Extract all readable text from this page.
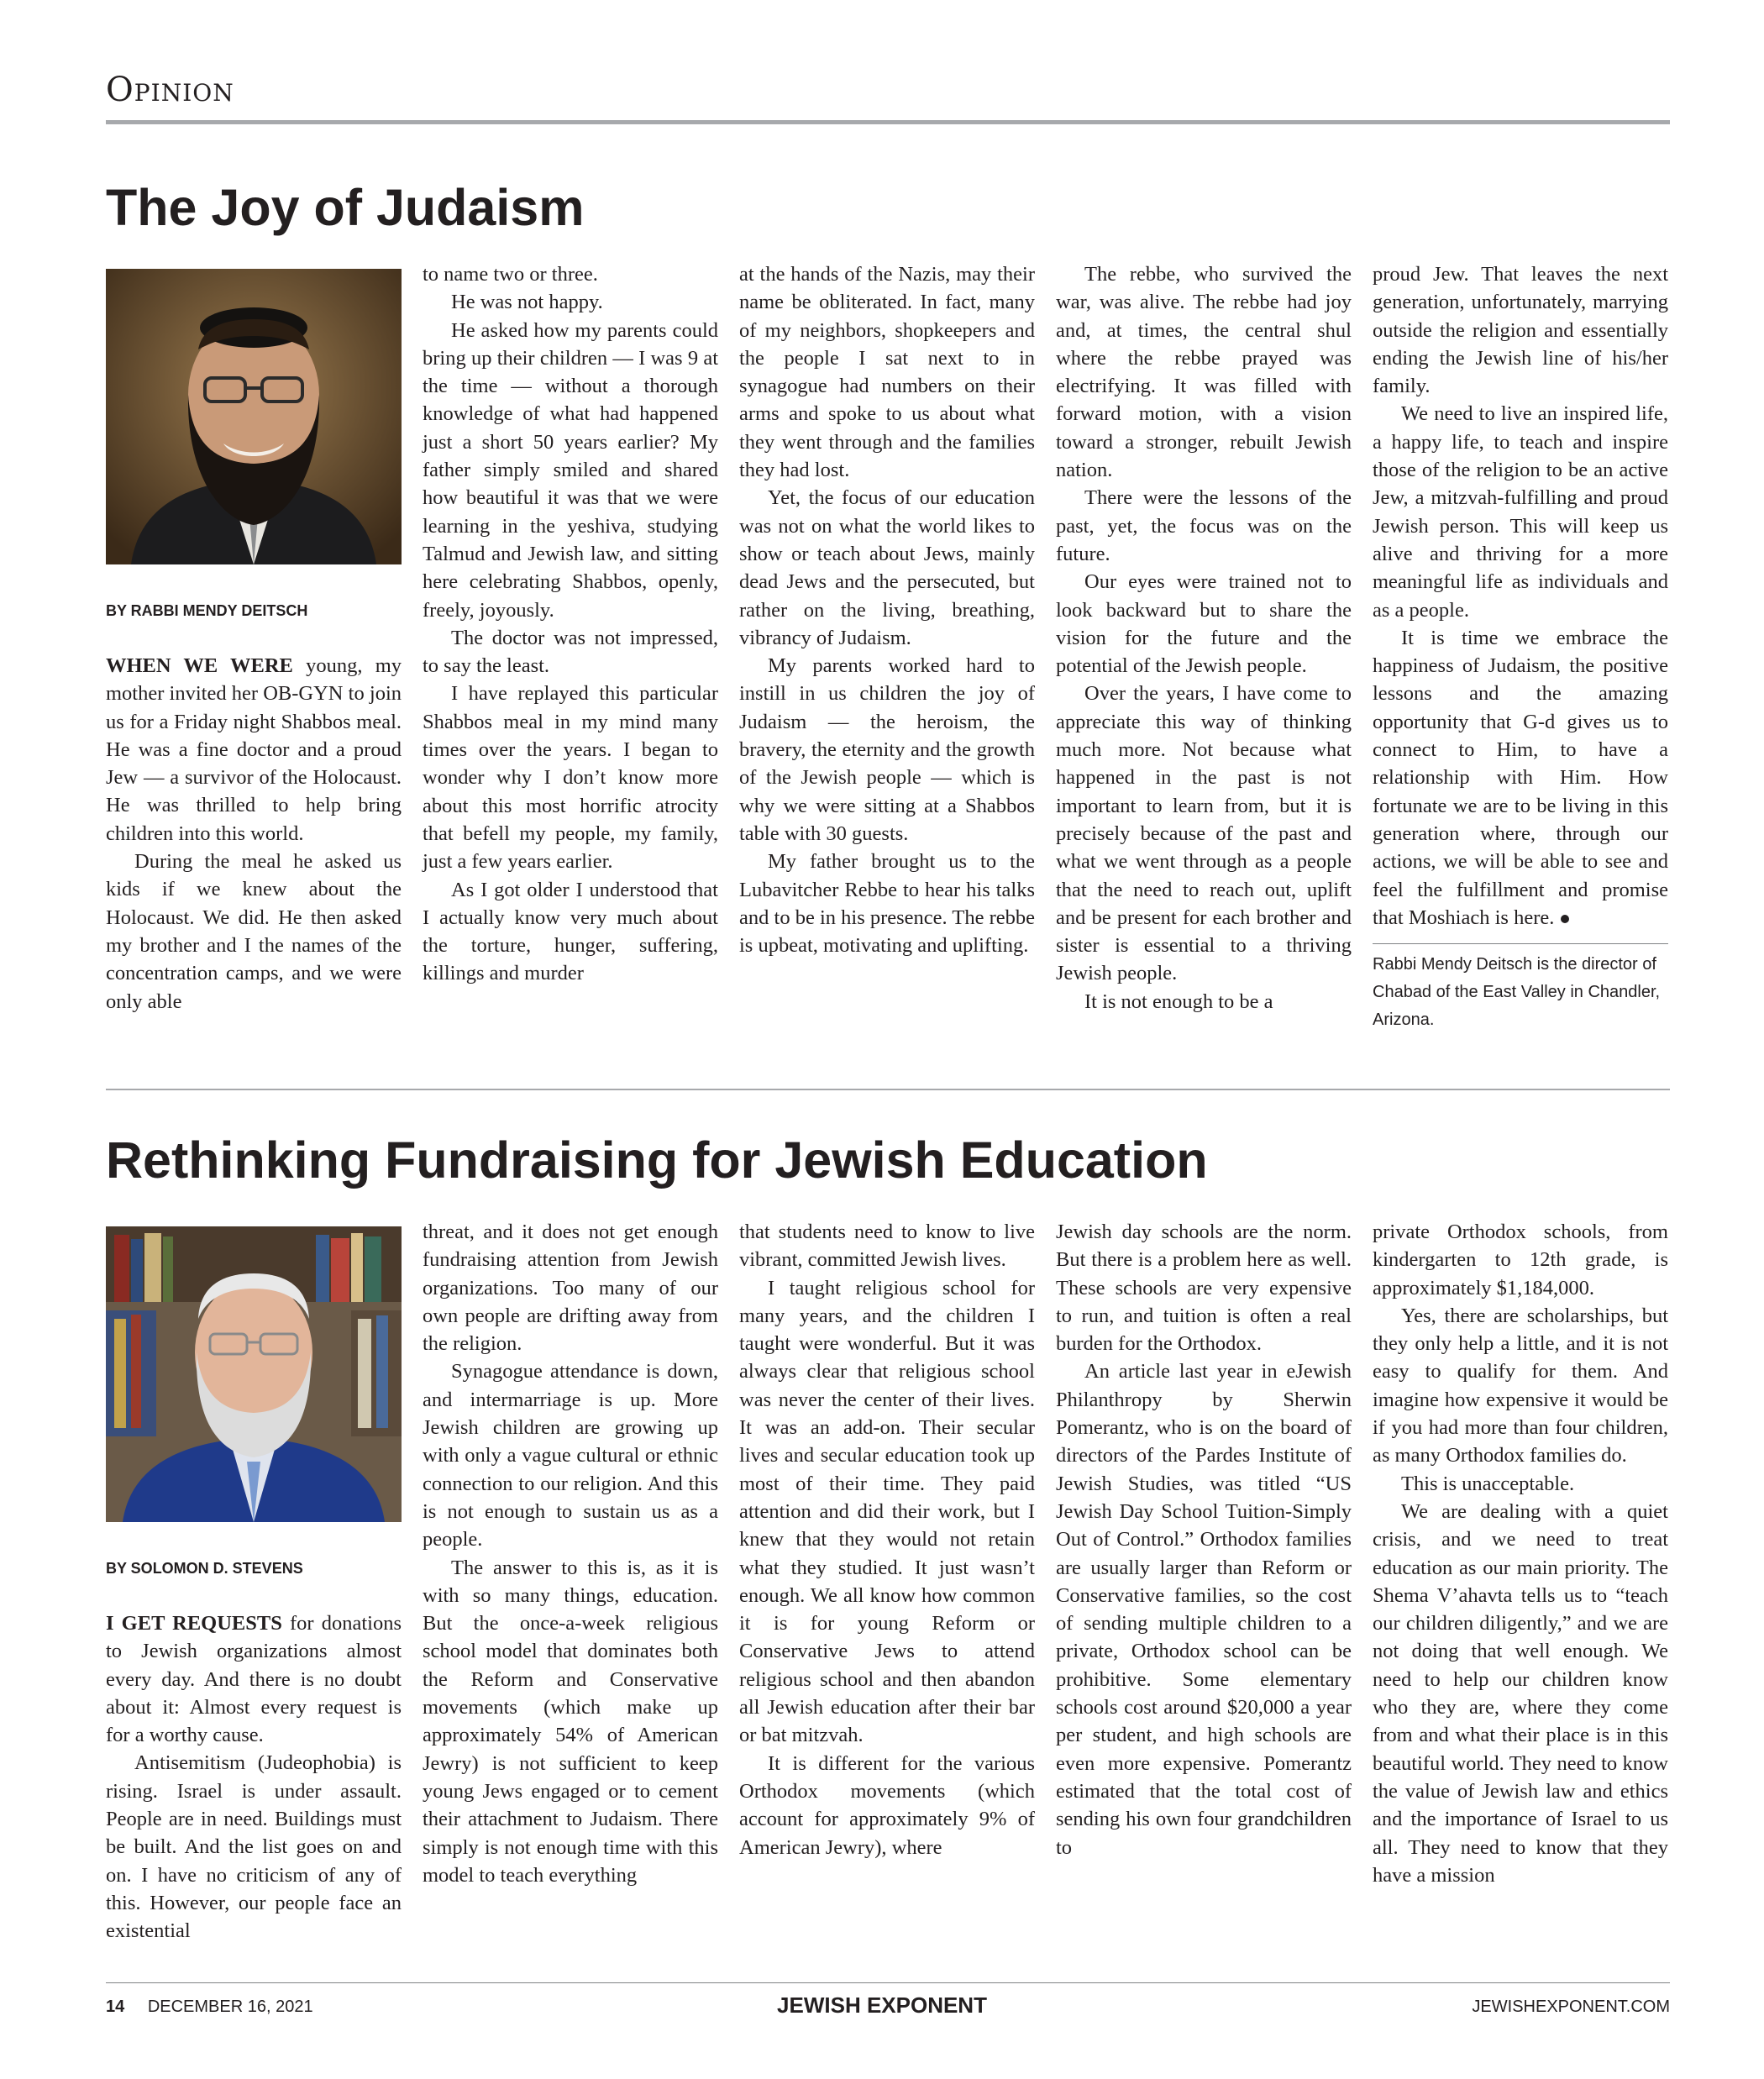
Opinion
The Joy of Judaism
BY RABBI MENDY DEITSCH

WHEN WE WERE young, my mother invited her OB-GYN to join us for a Friday night Shabbos meal. He was a fine doctor and a proud Jew — a survivor of the Holocaust. He was thrilled to help bring children into this world.

During the meal he asked us kids if we knew about the Holocaust. We did. He then asked my brother and I the names of the concentration camps, and we were only able

to name two or three.

He was not happy.

He asked how my parents could bring up their children — I was 9 at the time — without a thorough knowledge of what had happened just a short 50 years earlier? My father simply smiled and shared how beautiful it was that we were learning in the yeshiva, studying Talmud and Jewish law, and sitting here celebrating Shabbos, openly, freely, joyously.

The doctor was not impressed, to say the least.

I have replayed this particular Shabbos meal in my mind many times over the years. I began to wonder why I don’t know more about this most horrific atrocity that befell my people, my family, just a few years earlier.

As I got older I understood that I actually know very much about the torture, hunger, suffering, killings and murder

at the hands of the Nazis, may their name be obliterated. In fact, many of my neighbors, shopkeepers and the people I sat next to in synagogue had numbers on their arms and spoke to us about what they went through and the families they had lost.

Yet, the focus of our education was not on what the world likes to show or teach about Jews, mainly dead Jews and the persecuted, but rather on the living, breathing, vibrancy of Judaism.

My parents worked hard to instill in us children the joy of Judaism — the heroism, the bravery, the eternity and the growth of the Jewish people — which is why we were sitting at a Shabbos table with 30 guests.

My father brought us to the Lubavitcher Rebbe to hear his talks and to be in his presence. The rebbe is upbeat, motivating and uplifting.

The rebbe, who survived the war, was alive. The rebbe had joy and, at times, the central shul where the rebbe prayed was electrifying. It was filled with forward motion, with a vision toward a stronger, rebuilt Jewish nation.

There were the lessons of the past, yet, the focus was on the future.

Our eyes were trained not to look backward but to share the vision for the future and the potential of the Jewish people.

Over the years, I have come to appreciate this way of thinking much more. Not because what happened in the past is not important to learn from, but it is precisely because of the past and what we went through as a people that the need to reach out, uplift and be present for each brother and sister is essential to a thriving Jewish people.

It is not enough to be a

proud Jew. That leaves the next generation, unfortunately, marrying outside the religion and essentially ending the Jewish line of his/her family.

We need to live an inspired life, a happy life, to teach and inspire those of the religion to be an active Jew, a mitzvah-fulfilling and proud Jewish person. This will keep us alive and thriving for a more meaningful life as individuals and as a people.

It is time we embrace the happiness of Judaism, the positive lessons and the amazing opportunity that G-d gives us to connect to Him, to have a relationship with Him. How fortunate we are to be living in this generation where, through our actions, we will be able to see and feel the fulfillment and promise that Moshiach is here.

Rabbi Mendy Deitsch is the director of Chabad of the East Valley in Chandler, Arizona.
Rethinking Fundraising for Jewish Education
BY SOLOMON D. STEVENS

I GET REQUESTS for donations to Jewish organizations almost every day. And there is no doubt about it: Almost every request is for a worthy cause.

Antisemitism (Judeophobia) is rising. Israel is under assault. People are in need. Buildings must be built. And the list goes on and on. I have no criticism of any of this. However, our people face an existential

threat, and it does not get enough fundraising attention from Jewish organizations. Too many of our own people are drifting away from the religion.

Synagogue attendance is down, and intermarriage is up. More Jewish children are growing up with only a vague cultural or ethnic connection to our religion. And this is not enough to sustain us as a people.

The answer to this is, as it is with so many things, education. But the once-a-week religious school model that dominates both the Reform and Conservative movements (which make up approximately 54% of American Jewry) is not sufficient to keep young Jews engaged or to cement their attachment to Judaism. There simply is not enough time with this model to teach everything

that students need to know to live vibrant, committed Jewish lives.

I taught religious school for many years, and the children I taught were wonderful. But it was always clear that religious school was never the center of their lives. It was an add-on. Their secular lives and secular education took up most of their time. They paid attention and did their work, but I knew that they would not retain what they studied. It just wasn’t enough. We all know how common it is for young Reform or Conservative Jews to attend religious school and then abandon all Jewish education after their bar or bat mitzvah.

It is different for the various Orthodox movements (which account for approximately 9% of American Jewry), where

Jewish day schools are the norm. But there is a problem here as well. These schools are very expensive to run, and tuition is often a real burden for the Orthodox.

An article last year in eJewish Philanthropy by Sherwin Pomerantz, who is on the board of directors of the Pardes Institute of Jewish Studies, was titled “US Jewish Day School Tuition-Simply Out of Control.” Orthodox families are usually larger than Reform or Conservative families, so the cost of sending multiple children to a private, Orthodox school can be prohibitive. Some elementary schools cost around $20,000 a year per student, and high schools are even more expensive. Pomerantz estimated that the total cost of sending his own four grandchildren to

private Orthodox schools, from kindergarten to 12th grade, is approximately $1,184,000.

Yes, there are scholarships, but they only help a little, and it is not easy to qualify for them. And imagine how expensive it would be if you had more than four children, as many Orthodox families do.

This is unacceptable.

We are dealing with a quiet crisis, and we need to treat education as our main priority. The Shema V’ahavta tells us to “teach our children diligently,” and we are not doing that well enough. We need to help our children know who they are, where they come from and what their place is in this beautiful world. They need to know the value of Jewish law and ethics and the importance of Israel to us all. They need to know that they have a mission

14 DECEMBER 16, 2021	JEWISH EXPONENT	JEWISHEXPONENT.COM
